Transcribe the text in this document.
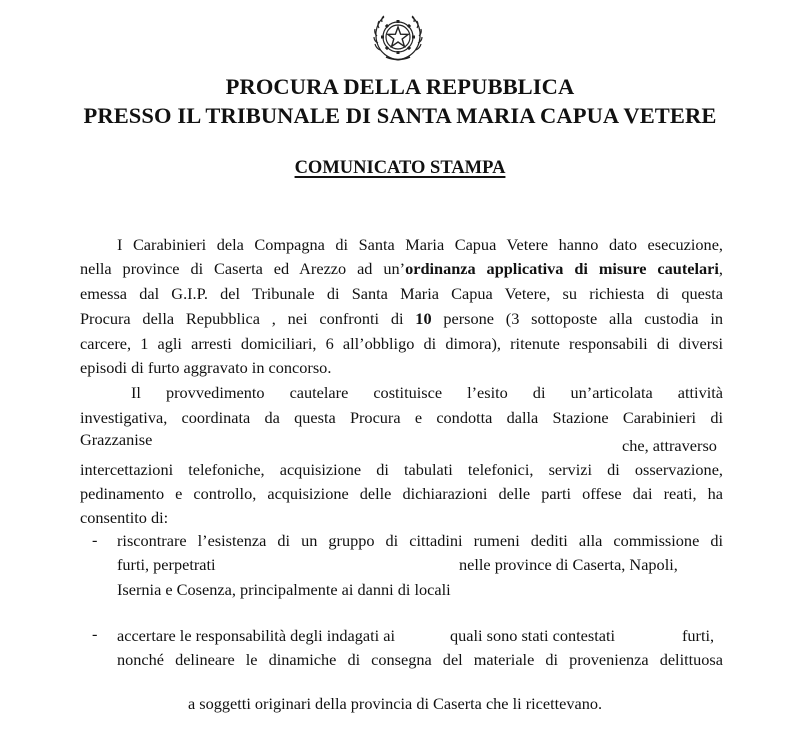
PROCURA DELLA REPUBBLICA
PRESSO IL TRIBUNALE DI SANTA MARIA CAPUA VETERE
COMUNICATO STAMPA
I Carabinieri dela Compagna di Santa Maria Capua Vetere hanno dato esecuzione,
nella province di Caserta ed Arezzo ad un’ordinanza applicativa di misure cautelari,
emessa dal G.I.P. del Tribunale di Santa Maria Capua Vetere, su richiesta di questa
Procura della Repubblica , nei confronti di 10 persone (3 sottoposte alla custodia in
carcere, 1 agli arresti domiciliari, 6 all’obbligo di dimora), ritenute responsabili di diversi
episodi di furto aggravato in concorso.
Il provvedimento cautelare costituisce l’esito di un’articolata attività
investigativa, coordinata da questa Procura e condotta dalla Stazione Carabinieri di
Grazzanise	che, attraverso
intercettazioni telefoniche, acquisizione di tabulati telefonici, servizi di osservazione,
pedinamento e controllo, acquisizione delle dichiarazioni delle parti offese dai reati, ha
consentito di:
- riscontrare l’esistenza di un gruppo di cittadini rumeni dediti alla commissione di
furti, perpetrati	nelle province di Caserta, Napoli,
Isernia e Cosenza, principalmente ai danni di locali
- accertare le responsabilità degli indagati ai	quali sono stati contestati	furti,
nonché delineare le dinamiche di consegna del materiale di provenienza delittuosa
a soggetti originari della provincia di Caserta che li ricettevano.
